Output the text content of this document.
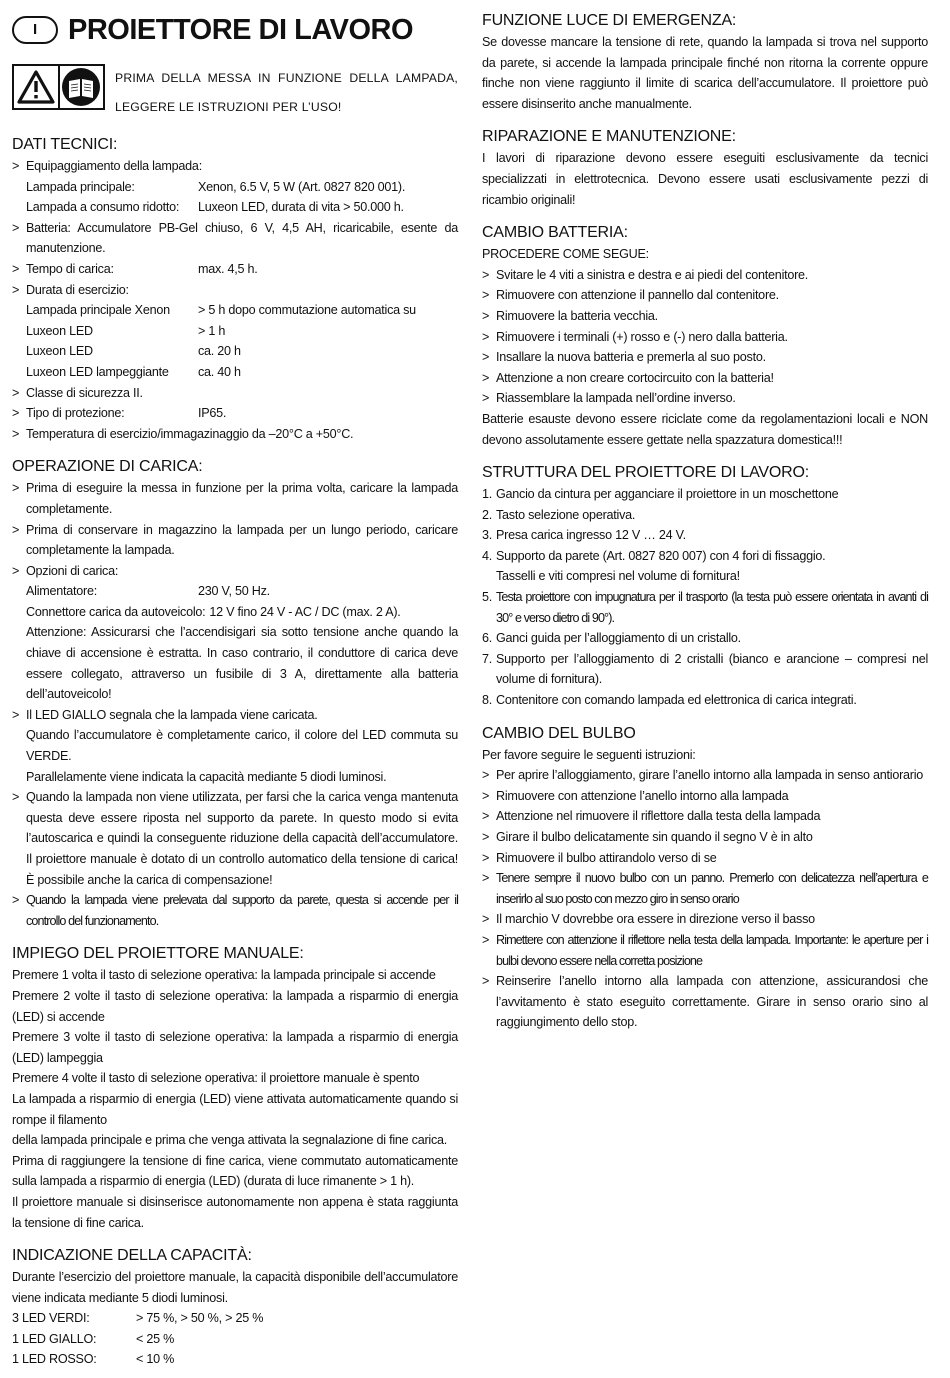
I	PROIETTORE DI LAVORO
PRIMA DELLA MESSA IN FUNZIONE DELLA LAMPADA, LEGGERE LE ISTRUZIONI PER L’USO!
DATI TECNICI:
> Equipaggiamento della lampada:
Lampada principale:	Xenon, 6.5 V, 5 W (Art. 0827 820 001).
Lampada a consumo ridotto:	Luxeon LED, durata di vita > 50.000 h.
> Batteria: Accumulatore PB-Gel chiuso, 6 V, 4,5 AH, ricaricabile, esente da manutenzione.
> Tempo di carica:	max. 4,5 h.
> Durata di esercizio:
Lampada principale Xenon	> 5 h dopo commutazione automatica su
Luxeon LED	> 1 h
Luxeon LED	ca. 20 h
Luxeon LED lampeggiante	ca. 40 h
> Classe di sicurezza II.
> Tipo di protezione:	IP65.
> Temperatura di esercizio/immagazinaggio da –20°C a +50°C.
OPERAZIONE DI CARICA:
> Prima di eseguire la messa in funzione per la prima volta, caricare la lampada completamente.
> Prima di conservare in magazzino la lampada per un lungo periodo, caricare completamente la lampada.
> Opzioni di carica:
Alimentatore:	230 V, 50 Hz.
Connettore carica da autoveicolo: 12 V fino 24 V - AC / DC (max. 2 A).
Attenzione: Assicurarsi che l’accendisigari sia sotto tensione anche quando la chiave di accensione è estratta. In caso contrario, il conduttore di carica deve essere collegato, attraverso un fusibile di 3 A, direttamente alla batteria dell’autoveicolo!
> Il LED GIALLO segnala che la lampada viene caricata.
Quando l’accumulatore è completamente carico, il colore del LED commuta su VERDE.
Parallelamente viene indicata la capacità mediante 5 diodi luminosi.
> Quando la lampada non viene utilizzata, per farsi che la carica venga mantenuta questa deve essere riposta nel supporto da parete. In questo modo si evita l’autoscarica e quindi la conseguente riduzione della capacità dell’accumulatore. Il proiettore manuale è dotato di un controllo automatico della tensione di carica! È possibile anche la carica di compensazione!
> Quando la lampada viene prelevata dal supporto da parete, questa si accende per il controllo del funzionamento.
IMPIEGO DEL PROIETTORE MANUALE:

Premere 1 volta il tasto di selezione operativa: la lampada principale si accende

Premere 2 volte il tasto di selezione operativa: la lampada a risparmio di energia (LED) si accende

Premere 3 volte il tasto di selezione operativa: la lampada a risparmio di energia (LED) lampeggia

Premere 4 volte il tasto di selezione operativa: il proiettore manuale è spento

La lampada a risparmio di energia (LED) viene attivata automaticamente quando si rompe il filamento

della lampada principale e prima che venga attivata la segnalazione di fine carica.

Prima di raggiungere la tensione di fine carica, viene commutato automaticamente sulla lampada a risparmio di energia (LED) (durata di luce rimanente > 1 h).

Il proiettore manuale si disinserisce autonomamente non appena è stata raggiunta la tensione di fine carica.

INDICAZIONE DELLA CAPACITÀ:

Durante l’esercizio del proiettore manuale, la capacità disponibile dell’accumulatore viene indicata mediante 5 diodi luminosi.

3 LED VERDI:	> 75 %, > 50 %, > 25 %
1 LED GIALLO:	< 25 %
1 LED ROSSO:	< 10 %
FUNZIONE LUCE DI EMERGENZA:

Se dovesse mancare la tensione di rete, quando la lampada si trova nel supporto da parete, si accende la lampada principale finché non ritorna la corrente oppure finche non viene raggiunto il limite di scarica dell’accumulatore. Il proiettore può essere disinserito anche manualmente.

RIPARAZIONE E MANUTENZIONE:

I lavori di riparazione devono essere eseguiti esclusivamente da tecnici specializzati in elettrotecnica. Devono essere usati esclusivamente pezzi di ricambio originali!

CAMBIO BATTERIA:
PROCEDERE COME SEGUE:
> Svitare le 4 viti a sinistra e destra e ai piedi del contenitore.
> Rimuovere con attenzione il pannello dal contenitore.
> Rimuovere la batteria vecchia.
> Rimuovere i terminali (+) rosso e (-) nero dalla batteria.
> Insallare la nuova batteria e premerla al suo posto.
> Attenzione a non creare cortocircuito con la batteria!
> Riassemblare la lampada nell’ordine inverso.

Batterie esauste devono essere riciclate come da regolamentazioni locali e NON devono assolutamente essere gettate nella spazzatura domestica!!!

STRUTTURA DEL PROIETTORE DI LAVORO:
1. Gancio da cintura per agganciare il proiettore in un moschettone
2. Tasto selezione operativa.
3. Presa carica ingresso 12 V … 24 V.
4. Supporto da parete (Art. 0827 820 007) con 4 fori di fissaggio.
Tasselli e viti compresi nel volume di fornitura!
5. Testa proiettore con impugnatura per il trasporto (la testa può essere orientata in avanti di 30° e verso dietro di 90°).
6. Ganci guida per l’alloggiamento di un cristallo.
7. Supporto per l’alloggiamento di 2 cristalli (bianco e arancione – compresi nel volume di fornitura).
8. Contenitore con comando lampada ed elettronica di carica integrati.
CAMBIO DEL BULBO

Per favore seguire le seguenti istruzioni:

> Per aprire l’alloggiamento, girare l’anello intorno alla lampada in senso antiorario
> Rimuovere con attenzione l’anello intorno alla lampada
> Attenzione nel rimuovere il riflettore dalla testa della lampada
> Girare il bulbo delicatamente sin quando il segno V è in alto
> Rimuovere il bulbo attirandolo verso di se
> Tenere sempre il nuovo bulbo con un panno. Premerlo con delicatezza nell’apertura e inserirlo al suo posto con mezzo giro in senso orario
> Il marchio V dovrebbe ora essere in direzione verso il basso
> Rimettere con attenzione il riflettore nella testa della lampada. Importante: le aperture per i bulbi devono essere nella corretta posizione
> Reinserire l’anello intorno alla lampada con attenzione, assicurandosi che l’avvitamento è stato eseguito correttamente. Girare in senso orario sino al raggiungimento dello stop.
